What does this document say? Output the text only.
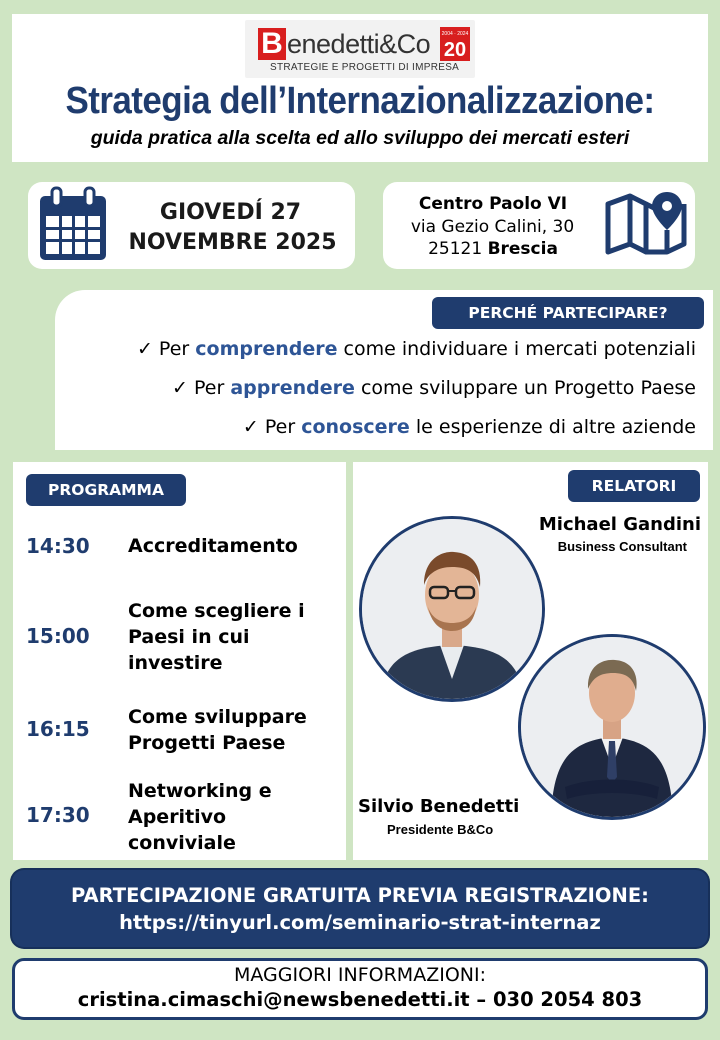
B enedetti&Co 2004 · 2024
20
STRATEGIE E PROGETTI DI IMPRESA
Strategia dell’Internazionalizzazione:
guida pratica alla scelta ed allo sviluppo dei mercati esteri
GIOVEDÍ 27
NOVEMBRE 2025
Centro Paolo VI
via Gezio Calini, 30
25121 Brescia
PERCHÉ PARTECIPARE?
✓ Per comprendere come individuare i mercati potenziali
✓ Per apprendere come sviluppare un Progetto Paese
✓ Per conoscere le esperienze di altre aziende
PROGRAMMA
14:30 Accreditamento
15:00
Come scegliere i
Paesi in cui
investire
16:15 Come sviluppare
Progetti Paese
17:30
Networking e
Aperitivo
conviviale
RELATORI
Michael Gandini
Business Consultant
Silvio Benedetti
Presidente B&Co
PARTECIPAZIONE GRATUITA PREVIA REGISTRAZIONE:
https://tinyurl.com/seminario-strat-internaz
MAGGIORI INFORMAZIONI:
cristina.cimaschi@newsbenedetti.it – 030 2054 803
